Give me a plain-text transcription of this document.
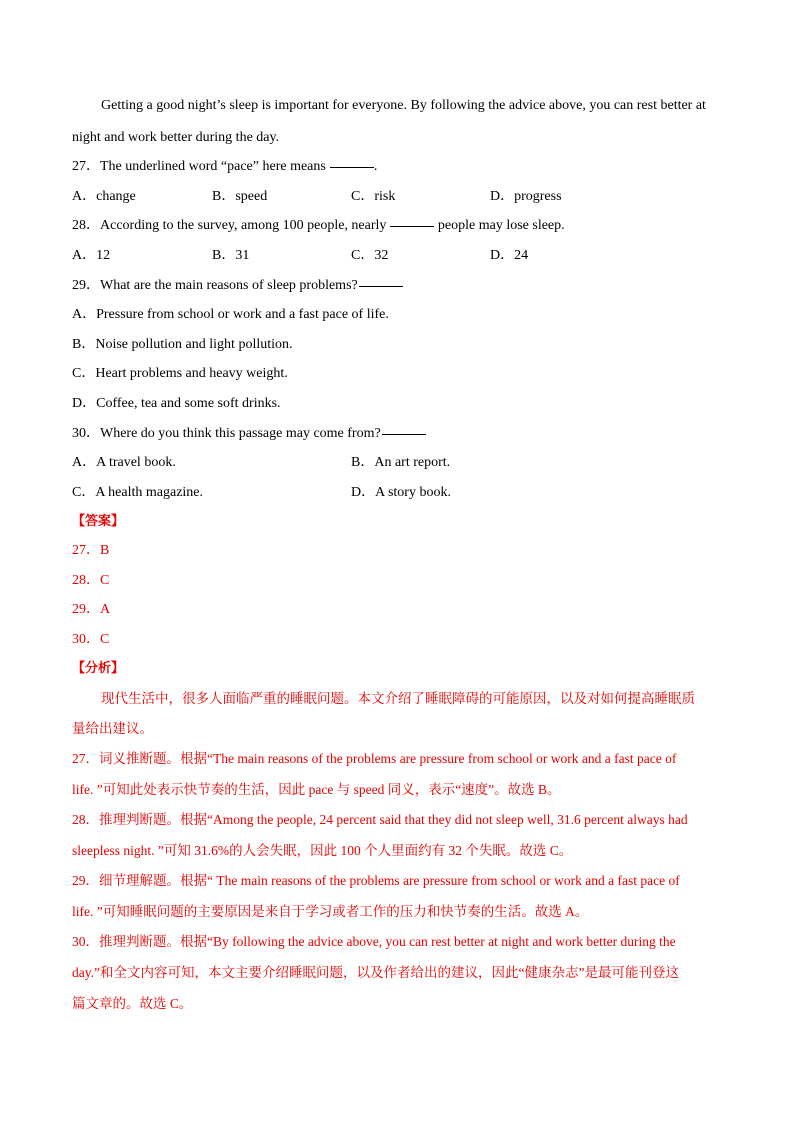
Getting a good night’s sleep is important for everyone. By following the advice above, you can rest better at
night and work better during the day.
27．The underlined word “pace” here means	.
A．change	B．speed	C．risk	D．progress
28．According to the survey, among 100 people, nearly	people may lose sleep.
A．12	B．31	C．32	D．24
29．What are the main reasons of sleep problems?
A．Pressure from school or work and a fast pace of life.
B．Noise pollution and light pollution.
C．Heart problems and heavy weight.
D．Coffee, tea and some soft drinks.
30．Where do you think this passage may come from?
A．A travel book.	B．An art report.
C．A health magazine.	D．A story book.
【答案】
27．B
28．C
29．A
30．C
【分析】
现代生活中，很多人面临严重的睡眠问题。本文介绍了睡眠障碍的可能原因，以及对如何提高睡眠质
量给出建议。
27．词义推断题。根据“The main reasons of the problems are pressure from school or work and a fast pace of
life. ”可知此处表示快节奏的生活，因此 pace 与 speed 同义，表示“速度”。故选 B。
28．推理判断题。根据“Among the people, 24 percent said that they did not sleep well, 31.6 percent always had
sleepless night. ”可知 31.6%的人会失眠，因此 100 个人里面约有 32 个失眠。故选 C。
29．细节理解题。根据“ The main reasons of the problems are pressure from school or work and a fast pace of
life. ”可知睡眠问题的主要原因是来自于学习或者工作的压力和快节奏的生活。故选 A。
30．推理判断题。根据“By following the advice above, you can rest better at night and work better during the
day.”和全文内容可知，本文主要介绍睡眠问题，以及作者给出的建议，因此“健康杂志”是最可能刊登这
篇文章的。故选 C。
